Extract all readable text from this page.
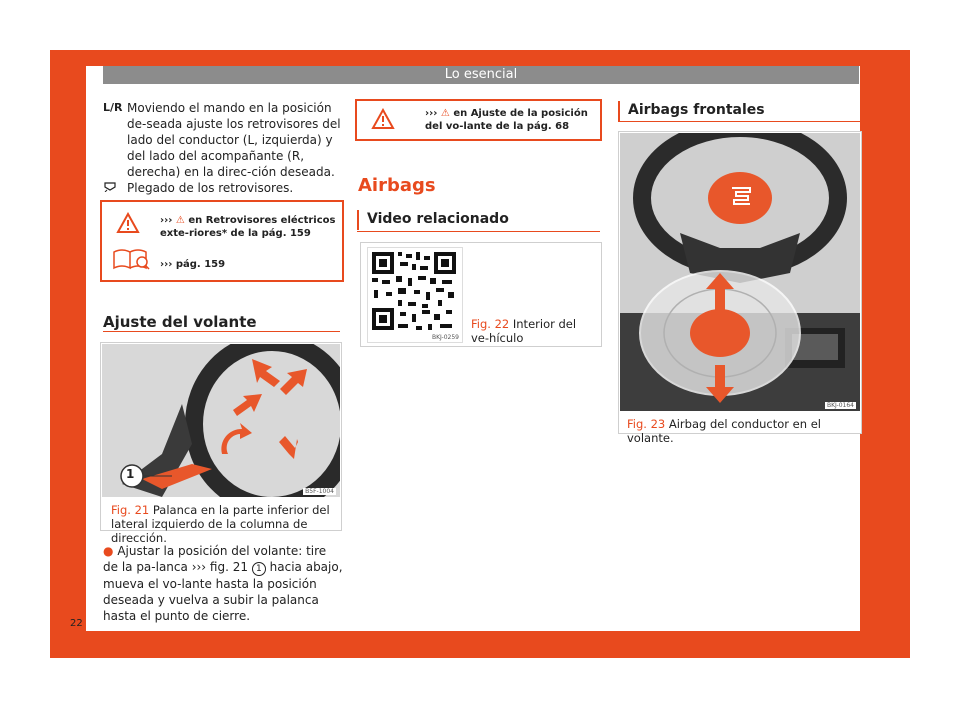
Lo esencial
22
L/R Moviendo el mando en la posición de-seada ajuste los retrovisores del lado del conductor (L, izquierda) y del lado del acompañante (R, derecha) en la direc-ción deseada.
Plegado de los retrovisores.
››› ⚠ en Retrovisores eléctricos exte-riores* de la pág. 159
››› pág. 159
Ajuste del volante
1
B5F-1004
Fig. 21 Palanca en la parte inferior del lateral izquierdo de la columna de dirección.
● Ajustar la posición del volante: tire de la pa-lanca ››› fig. 21 1 hacia abajo, mueva el vo-lante hasta la posición deseada y vuelva a subir la palanca hasta el punto de cierre.
››› ⚠ en Ajuste de la posición del vo-lante de la pág. 68
Airbags
Video relacionado
BKJ-0259
Fig. 22 Interior del ve-hículo
Airbags frontales
BKJ-0164
Fig. 23 Airbag del conductor en el volante.
